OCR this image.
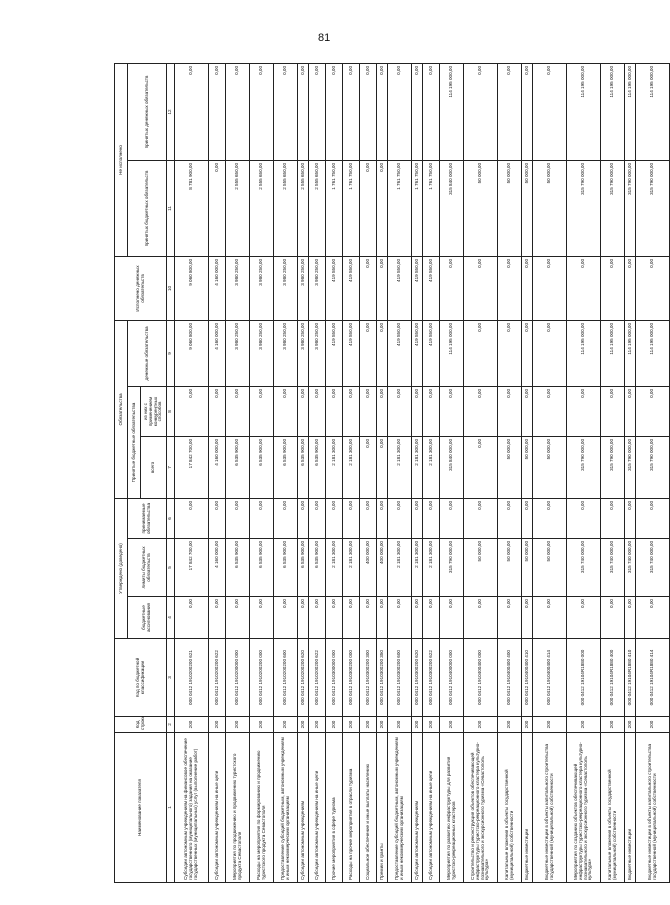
81
Наименование показателя	Код строки	Код по бюджетной классификации	Утверждено (доведено)			Обязательства			Исполнено денежных обязательств	Не исполнено	
			бюджетные ассигнования	лимиты бюджетных обязательств	принимаемые обязательства	Принятые бюджетные обязательства		денежные обязательства		принятых бюджетных обязательств	принятых денежных обязательств
						всего	из них с применением конкурентных способов				
1	2	3	4	5	6	7	8	9	10	11	12
Субсидии автономным учреждениям на финансовое обеспечение государственного (муниципального) задания на оказание государственных (муниципальных) услуг (выполнение работ)	200	000 0412 1910200200 621	0,00	17 842 700,00	0,00	17 842 700,00	0,00	9 060 800,00	9 060 800,00	8 781 900,00	0,00
Субсидии автономным учреждениям на иные цели	200	000 0412 1910200200 622	0,00	4 160 000,00	0,00	4 160 000,00	0,00	4 160 000,00	4 160 000,00	0,00	0,00
Мероприятия по продвижению и продвижению туристского продукта Севастополя	200	000 0412 1910200000 000	0,00	6 535 900,00	0,00	6 535 900,00	0,00	3 980 250,00	3 980 250,00	2 555 650,00	0,00
Расходы на мероприятия по формированию и продвижению туристского продукта Севастополя	200	000 0412 1910200200 000	0,00	6 535 900,00	0,00	6 535 900,00	0,00	3 980 250,00	3 980 250,00	2 555 650,00	0,00
Предоставление субсидий бюджетным, автономным учреждениям и иным некоммерческим организациям	200	000 0412 1910200200 600	0,00	6 535 900,00	0,00	6 535 900,00	0,00	3 980 250,00	3 980 250,00	2 555 650,00	0,00
Субсидии автономным учреждениям	200	000 0412 1910200200 620	0,00	6 535 900,00	0,00	6 535 900,00	0,00	3 980 250,00	3 980 250,00	2 555 650,00	0,00
Субсидии автономным учреждениям на иные цели	200	000 0412 1910200200 622	0,00	6 535 900,00	0,00	6 535 900,00	0,00	3 980 250,00	3 980 250,00	2 555 650,00	0,00
Прочие мероприятия в сфере туризма	200	000 0412 1910300000 000	0,00	2 181 300,00	0,00	2 181 300,00	0,00	419 550,00	419 550,00	1 761 750,00	0,00
Расходы на прочие мероприятия в отрасли туризма	200	000 0412 1910300200 000	0,00	2 181 300,00	0,00	2 181 300,00	0,00	419 550,00	419 550,00	1 761 750,00	0,00
Социальное обеспечение и иные выплаты населению	200	000 0412 1910300200 300	0,00	400 000,00	0,00	0,00	0,00	0,00	0,00	0,00	0,00
Премии и гранты	200	000 0412 1910300200 350	0,00	400 000,00	0,00	0,00	0,00	0,00	0,00	0,00	0,00
Предоставление субсидий бюджетным, автономным учреждениям и иным некоммерческим организациям	200	000 0412 1910300200 600	0,00	2 181 300,00	0,00	2 181 300,00	0,00	419 550,00	419 550,00	1 761 750,00	0,00
Субсидии автономным учреждениям	200	000 0412 1910300200 620	0,00	2 181 300,00	0,00	2 181 300,00	0,00	419 550,00	419 550,00	1 761 750,00	0,00
Субсидии автономным учреждениям на иные цели	200	000 0412 1910300200 622	0,00	2 181 300,00	0,00	2 181 300,00	0,00	419 550,00	419 550,00	1 761 750,00	0,00
Мероприятия по развитию инфраструктуры для развития туристско-рекреационных кластеров	200	000 0412 1910400000 000	0,00	315 790 000,00	0,00	315 840 000,00	0,00	114 195 000,00	0,00	315 840 000,00	114 195 000,00
Строительство и реконструкция объектов обеспечивающей инфраструктуры туристско-рекреационного кластера культурно-познавательного и экскурсионного туризма «Севастополь культура»	200	000 0412 1910400400 000	0,00	50 000,00	0,00	0,00	0,00	0,00	0,00	50 000,00	0,00
Капитальные вложения в объекты государственной (муниципальной) собственности	200	000 0412 1910400400 400	0,00	50 000,00	0,00	50 000,00	0,00	0,00	0,00	50 000,00	0,00
Бюджетные инвестиции	200	000 0412 1910400400 410	0,00	50 000,00	0,00	50 000,00	0,00	0,00	0,00	50 000,00	0,00
Бюджетные инвестиции в объекты капитального строительства государственной (муниципальной) собственности	200	000 0412 1910400400 414	0,00	50 000,00	0,00	50 000,00	0,00	0,00	0,00	50 000,00	0,00
Мероприятия по созданию объектов обеспечивающей инфраструктуры туристско-рекреационного кластера культурно-познавательного и экскурсионного туризма «Севастополь культура»	200	000 0412 19104R1880 000	0,00	315 740 000,00	0,00	315 790 000,00	0,00	114 195 000,00	0,00	315 790 000,00	114 195 000,00
Капитальные вложения в объекты государственной (муниципальной) собственности	200	000 0412 19104R1880 400	0,00	315 740 000,00	0,00	315 790 000,00	0,00	114 195 000,00	0,00	315 790 000,00	114 195 000,00
Бюджетные инвестиции	200	000 0412 19104R1880 410	0,00	315 740 000,00	0,00	315 790 000,00	0,00	114 195 000,00	0,00	315 790 000,00	114 195 000,00
Бюджетные инвестиции в объекты капитального строительства государственной (муниципальной) собственности	200	000 0412 19104R1880 414	0,00	315 740 000,00	0,00	315 790 000,00	0,00	114 195 000,00	0,00	315 790 000,00	114 195 000,00
